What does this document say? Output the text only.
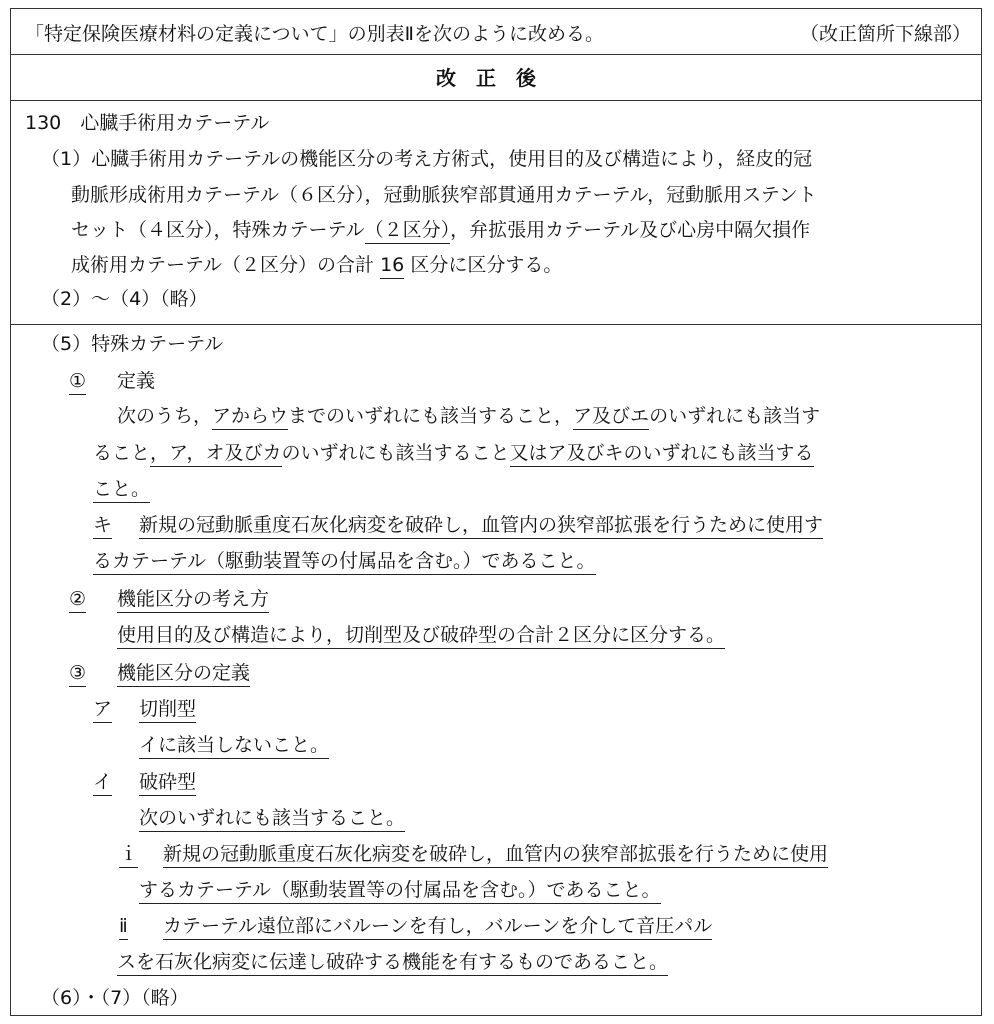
「特定保険医療材料の定義について」の別表Ⅱを次のように改める。	（改正箇所下線部）
改正後
130　心臓手術用カテーテル
（1）心臓手術用カテーテルの機能区分の考え方術式，使用目的及び構造により，経皮的冠
動脈形成術用カテーテル（６区分），冠動脈狭窄部貫通用カテーテル，冠動脈用ステント
セット（４区分），特殊カテーテル（２区分），弁拡張用カテーテル及び心房中隔欠損作
成術用カテーテル（２区分）の合計 16 区分に区分する。
（2）～（4）（略）
（5）特殊カテーテル
① 定義
次のうち，アからウまでのいずれにも該当すること，ア及びエのいずれにも該当す
ること，ア，オ及びカのいずれにも該当すること又はア及びキのいずれにも該当する
こと。
キ 新規の冠動脈重度石灰化病変を破砕し，血管内の狭窄部拡張を行うために使用す
るカテーテル（駆動装置等の付属品を含む。）であること。
② 機能区分の考え方
使用目的及び構造により，切削型及び破砕型の合計２区分に区分する。
③ 機能区分の定義
ア 切削型
イに該当しないこと。
イ 破砕型
次のいずれにも該当すること。
ｉ 新規の冠動脈重度石灰化病変を破砕し，血管内の狭窄部拡張を行うために使用
するカテーテル（駆動装置等の付属品を含む。）であること。
ⅱ カテーテル遠位部にバルーンを有し，バルーンを介して音圧パル
スを石灰化病変に伝達し破砕する機能を有するものであること。
（6）・（7）（略）
